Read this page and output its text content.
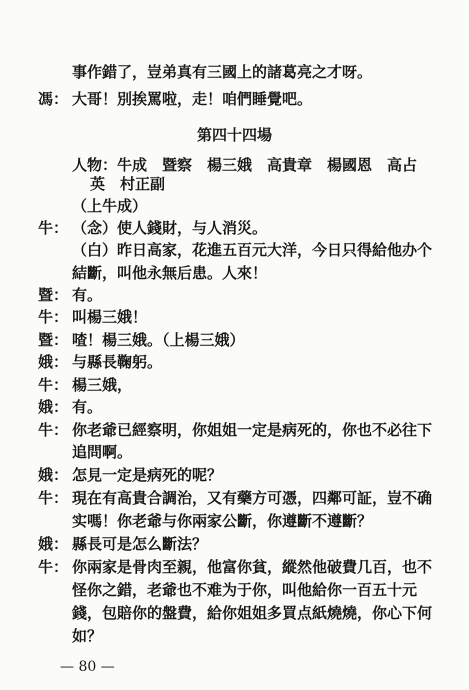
事作錯了，豈弟真有三國上的諸葛亮之才呀。
馮： 大哥！別挨罵啦，走！咱們睡覺吧。
第四十四場
人物：牛成　暨察　楊三娥　高貴章　楊國恩　高占
英　村正副
（上牛成）
牛： （念）使人錢財，与人消災。
（白）昨日高家，花進五百元大洋，今日只得給他办个
結斷，叫他永無后患。人來！
暨： 有。
牛： 叫楊三娥！
暨： 喳！楊三娥。（上楊三娥）
娥： 与縣長鞠躬。
牛： 楊三娥，
娥： 有。
牛： 你老爺已經察明，你姐姐一定是病死的，你也不必往下
追問啊。
娥： 怎見一定是病死的呢？
牛： 現在有高貴合調治，又有藥方可憑，四鄰可証，豈不确
实嗎！你老爺与你兩家公斷，你遵斷不遵斷？
娥： 縣長可是怎么斷法？
牛： 你兩家是骨肉至親，他富你貧，縱然他破費几百，也不
怪你之錯，老爺也不难为于你，叫他給你一百五十元
錢，包賠你的盤費，給你姐姐多買点紙燒燒，你心下何
如？
— 80 —
